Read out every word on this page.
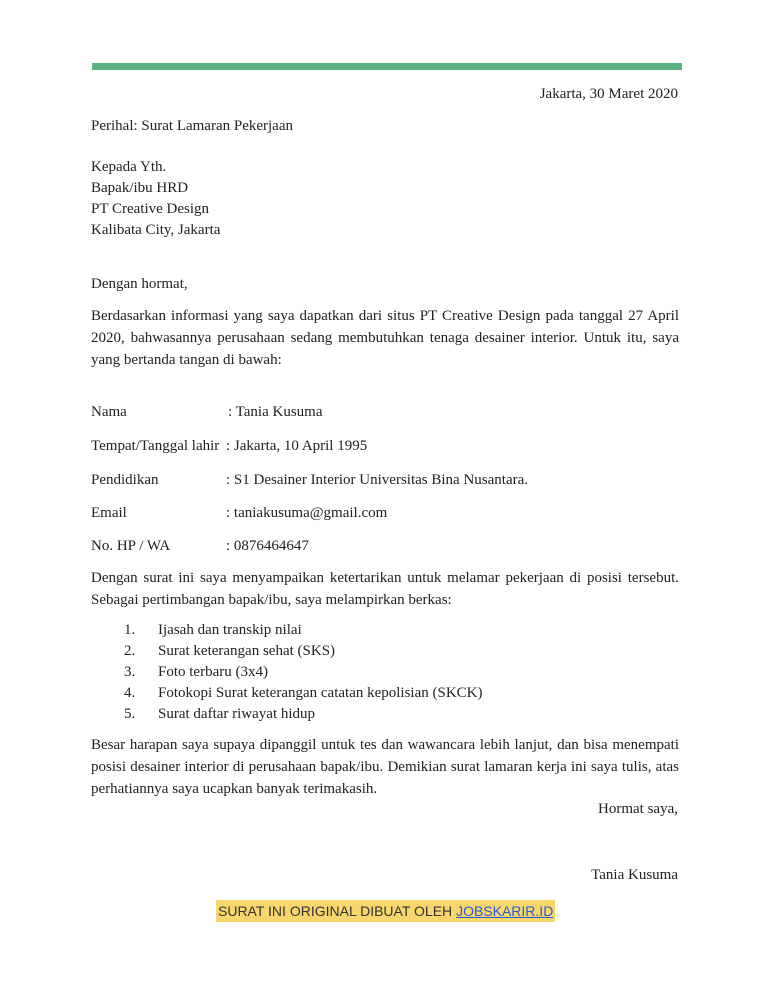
Jakarta, 30 Maret 2020
Perihal: Surat Lamaran Pekerjaan
Kepada Yth.
Bapak/ibu HRD
PT Creative Design
Kalibata City, Jakarta
Dengan hormat,
Berdasarkan informasi yang saya dapatkan dari situs PT Creative Design pada tanggal 27 April 2020, bahwasannya perusahaan sedang membutuhkan tenaga desainer interior. Untuk itu, saya yang bertanda tangan di bawah:
Nama	: Tania Kusuma
Tempat/Tanggal lahir : Jakarta, 10 April 1995
Pendidikan	: S1 Desainer Interior Universitas Bina Nusantara.
Email	: taniakusuma@gmail.com
No. HP / WA	: 0876464647
Dengan surat ini saya menyampaikan ketertarikan untuk melamar pekerjaan di posisi tersebut. Sebagai pertimbangan bapak/ibu, saya melampirkan berkas:
1. Ijasah dan transkip nilai
2. Surat keterangan sehat (SKS)
3. Foto terbaru (3x4)
4. Fotokopi Surat keterangan catatan kepolisian (SKCK)
5. Surat daftar riwayat hidup
Besar harapan saya supaya dipanggil untuk tes dan wawancara lebih lanjut, dan bisa menempati posisi desainer interior di perusahaan bapak/ibu. Demikian surat lamaran kerja ini saya tulis, atas perhatiannya saya ucapkan banyak terimakasih.
Hormat saya,
Tania Kusuma
SURAT INI ORIGINAL DIBUAT OLEH JOBSKARIR.ID
